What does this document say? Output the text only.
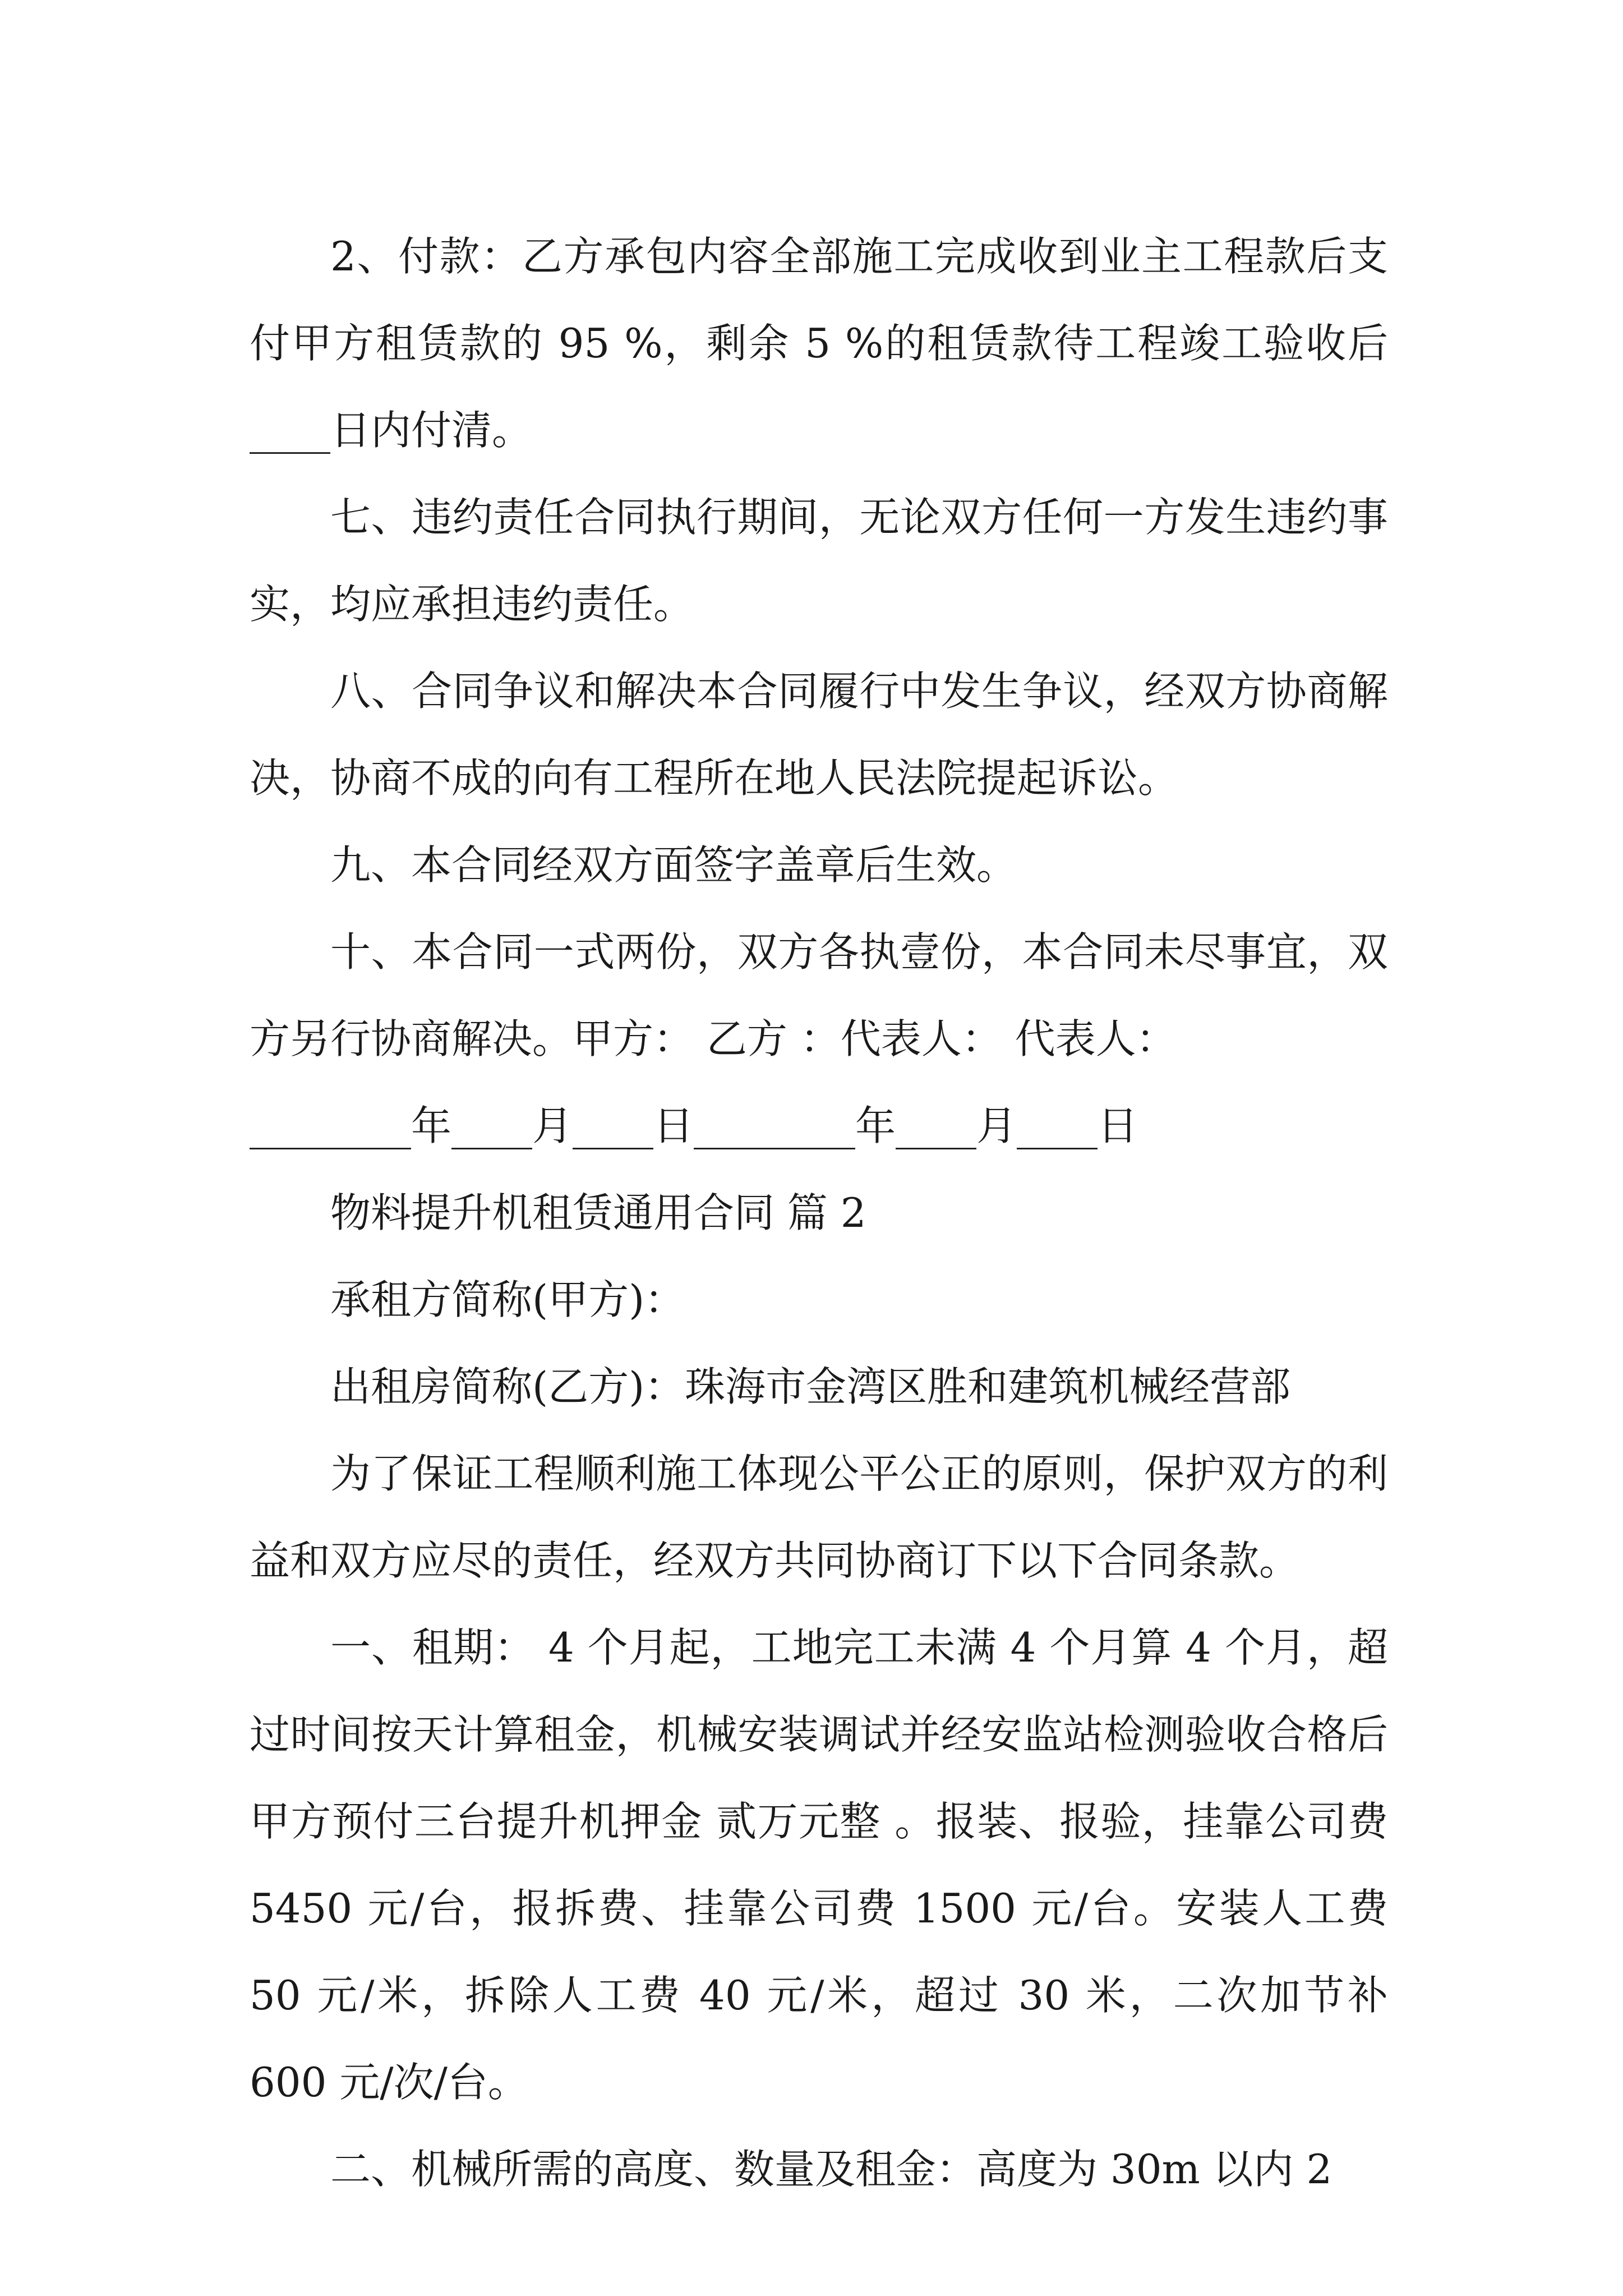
2、付款：乙方承包内容全部施工完成收到业主工程款后支付甲方租赁款的 95 %，剩余 5 %的租赁款待工程竣工验收后____日内付清。

七、违约责任合同执行期间，无论双方任何一方发生违约事实，均应承担违约责任。

八、合同争议和解决本合同履行中发生争议，经双方协商解决，协商不成的向有工程所在地人民法院提起诉讼。

九、本合同经双方面签字盖章后生效。

十、本合同一式两份，双方各执壹份，本合同未尽事宜，双方另行协商解决。甲方： 乙方 ：代表人： 代表人：

________年____月____日________年____月____日

物料提升机租赁通用合同 篇 2

承租方简称(甲方)：

出租房简称(乙方)：珠海市金湾区胜和建筑机械经营部

为了保证工程顺利施工体现公平公正的原则，保护双方的利益和双方应尽的责任，经双方共同协商订下以下合同条款。

一、租期： 4 个月起，工地完工未满 4 个月算 4 个月，超过时间按天计算租金，机械安装调试并经安监站检测验收合格后甲方预付三台提升机押金 贰万元整 。报装、报验，挂靠公司费 5450 元/台，报拆费、挂靠公司费 1500 元/台。安装人工费 50 元/米，拆除人工费 40 元/米，超过 30 米，二次加节补 600 元/次/台。

二、机械所需的高度、数量及租金：高度为 30m 以内 2
